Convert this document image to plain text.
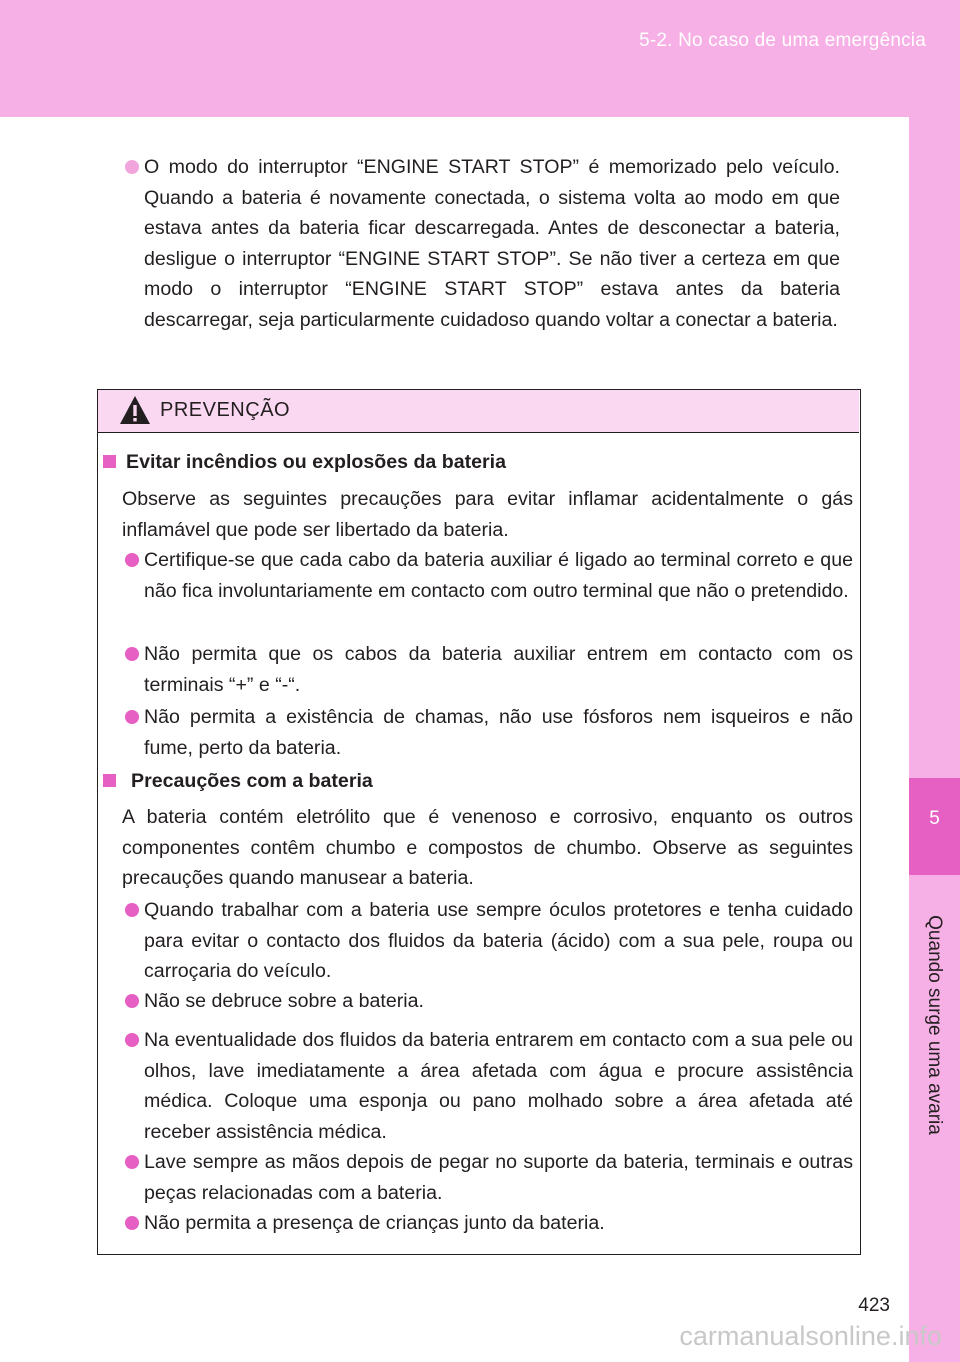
5-2. No caso de uma emergência
5
Quando surge uma avaria
O modo do interruptor “ENGINE START STOP” é memorizado pelo veículo. Quando a bateria é novamente conectada, o sistema volta ao modo em que estava antes da bateria ficar descarregada. Antes de desconectar a bateria, desligue o interruptor “ENGINE START STOP”. Se não tiver a certeza em que modo o interruptor “ENGINE START STOP” estava antes da bateria descarregar, seja particularmente cuidadoso quando voltar a conectar a bateria.
PREVENÇÃO
Evitar incêndios ou explosões da bateria
Observe as seguintes precauções para evitar inflamar acidentalmente o gás inflamável que pode ser libertado da bateria.
Certifique-se que cada cabo da bateria auxiliar é ligado ao terminal correto e que não fica involuntariamente em contacto com outro terminal que não o pretendido.
Não permita que os cabos da bateria auxiliar entrem em contacto com os terminais “+” e “-“.
Não permita a existência de chamas, não use fósforos nem isqueiros e não fume, perto da bateria.
Precauções com a bateria
A bateria contém eletrólito que é venenoso e corrosivo, enquanto os outros componentes contêm chumbo e compostos de chumbo. Observe as seguintes precauções quando manusear a bateria.
Quando trabalhar com a bateria use sempre óculos protetores e tenha cuidado para evitar o contacto dos fluidos da bateria (ácido) com a sua pele, roupa ou carroçaria do veículo.
Não se debruce sobre a bateria.
Na eventualidade dos fluidos da bateria entrarem em contacto com a sua pele ou olhos, lave imediatamente a área afetada com água e procure assistência médica. Coloque uma esponja ou pano molhado sobre a área afetada até receber assistência médica.
Lave sempre as mãos depois de pegar no suporte da bateria, terminais e outras peças relacionadas com a bateria.
Não permita a presença de crianças junto da bateria.
423
carmanualsonline.info
